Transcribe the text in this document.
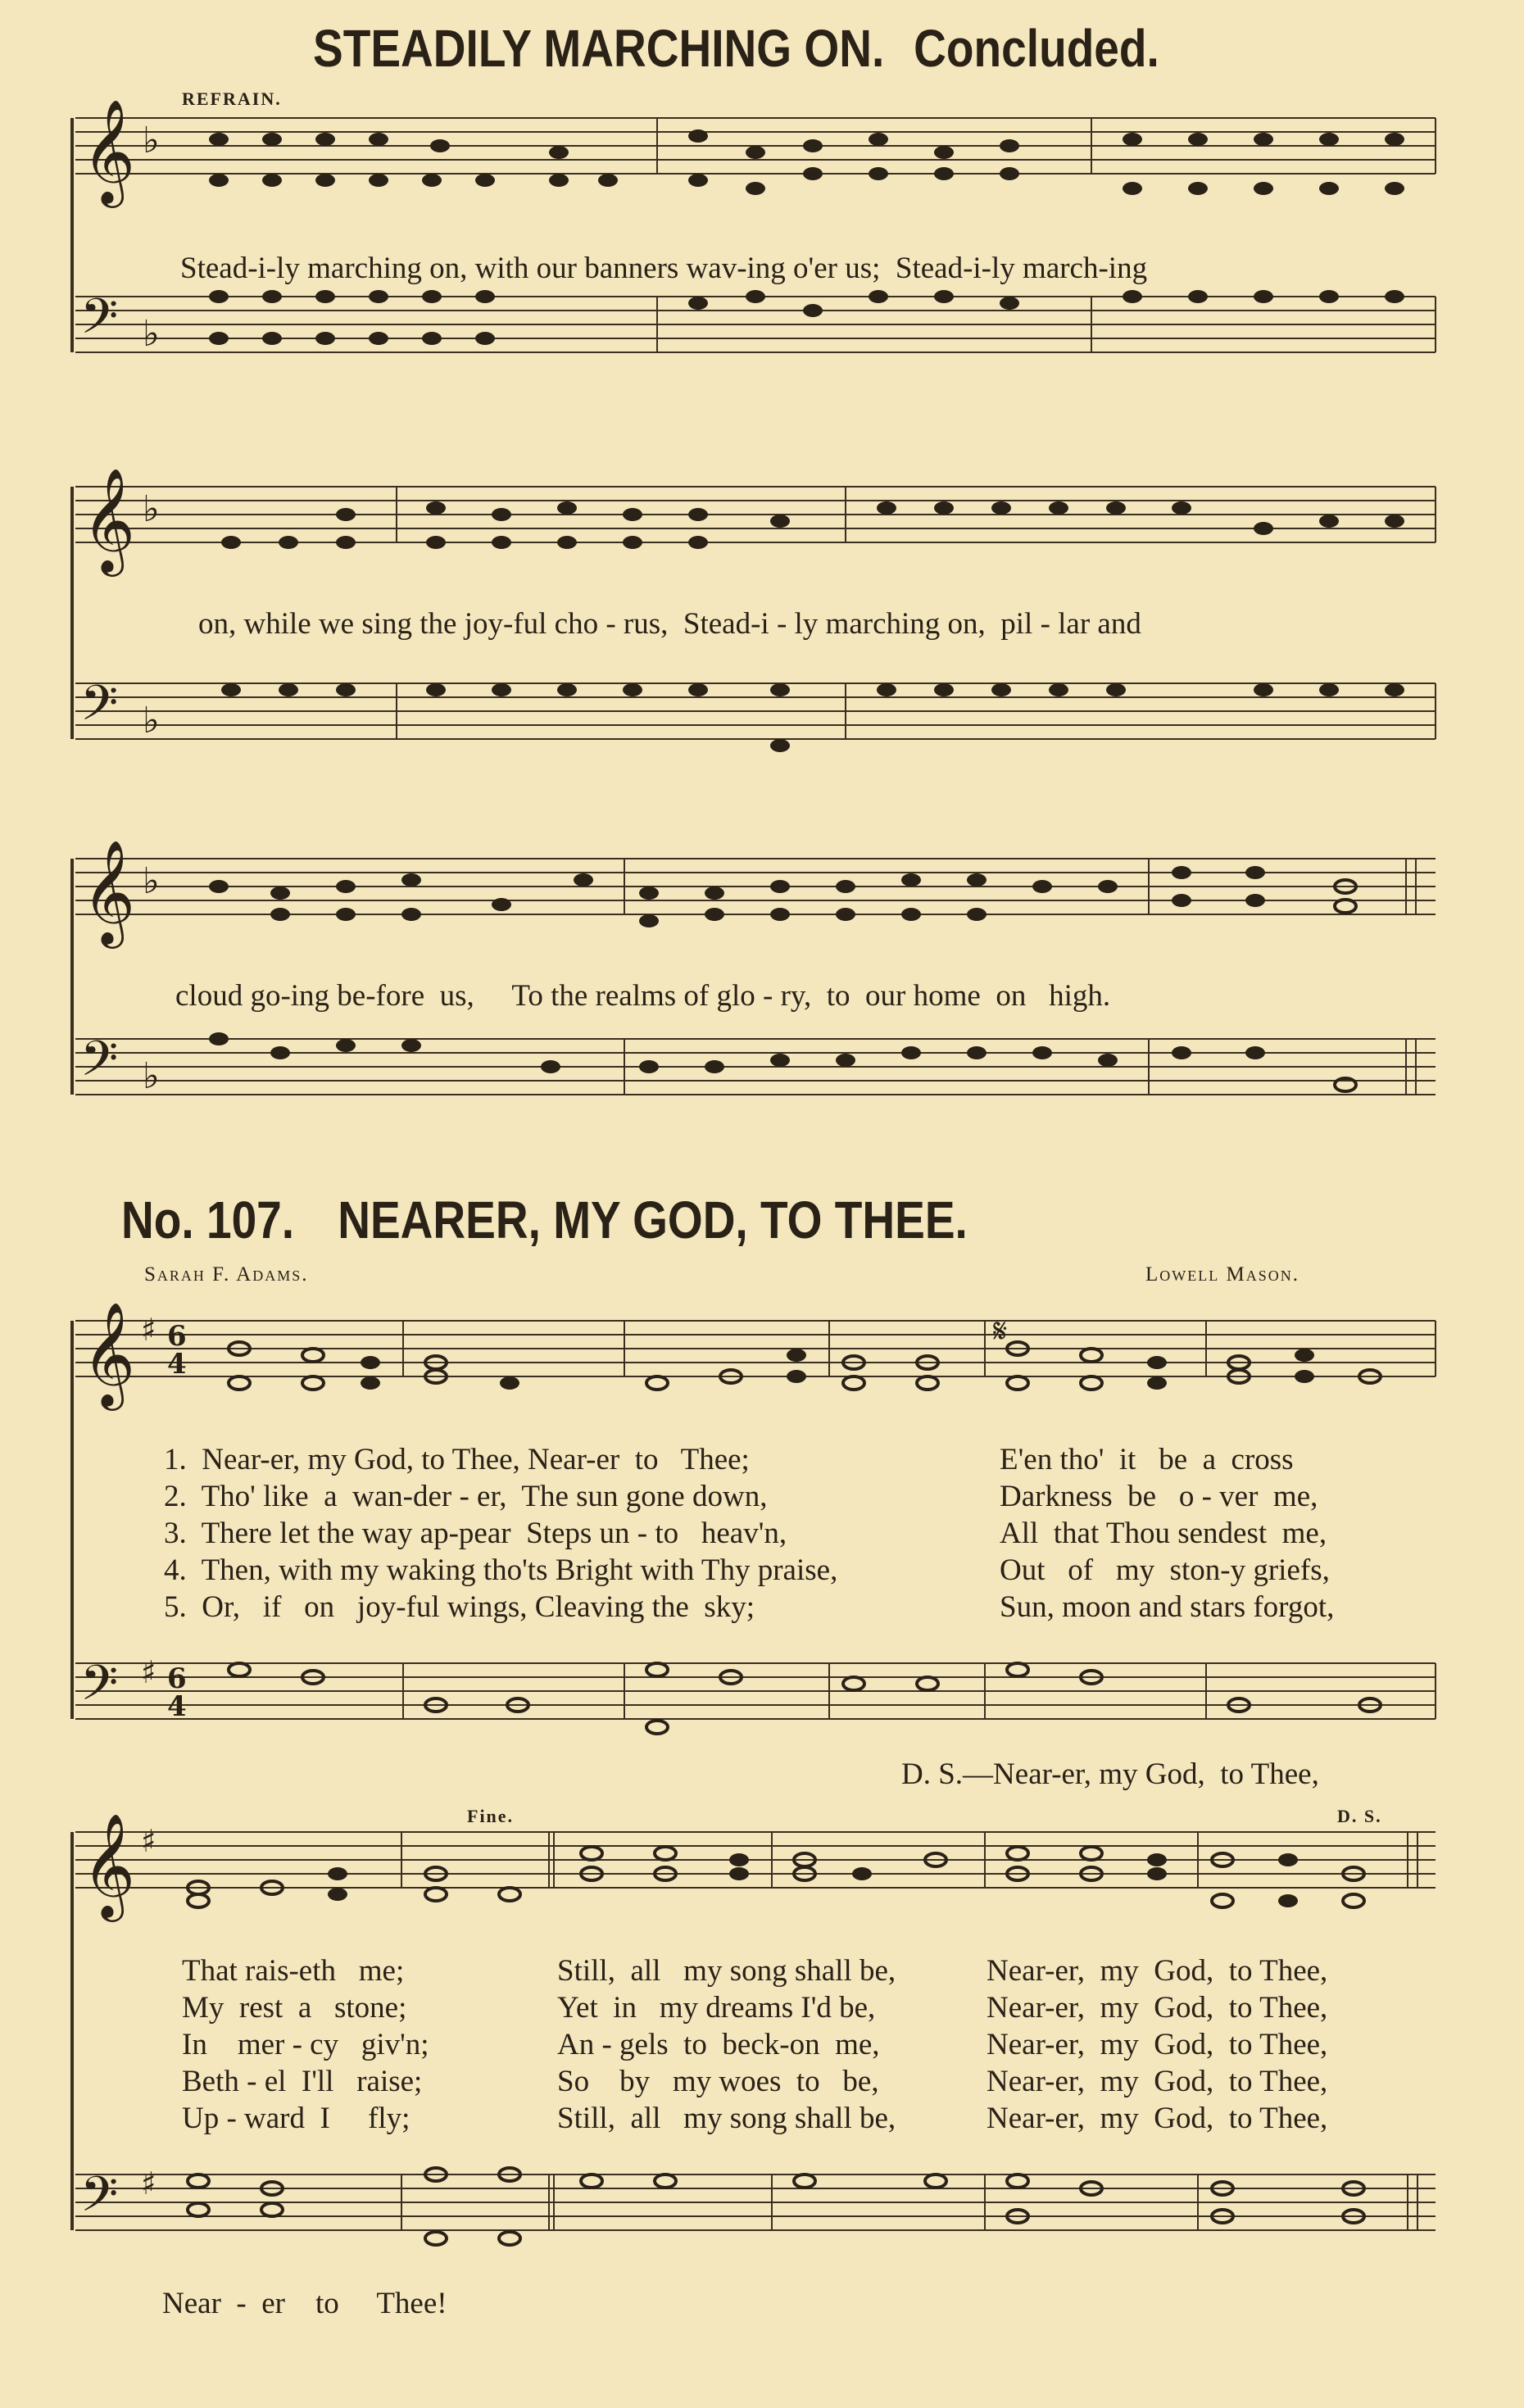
STEADILY MARCHING ON. Concluded.
REFRAIN.
𝄞 ♭
𝄢 ♭
Stead-i-ly marching on, with our banners wav-ing o'er us;  Stead-i-ly march-ing
𝄞 ♭
𝄢 ♭
on, while we sing the joy-ful cho - rus,  Stead-i - ly marching on,  pil - lar and
𝄞 ♭
𝄢 ♭
cloud go-ing be-fore  us,     To the realms of glo - ry,  to  our home  on   high.
No. 107. NEARER, MY GOD, TO THEE.
Sarah F. Adams.	Lowell Mason.
𝄞 ♯ 6
4
𝄋
𝄢 ♯ 6
4
1.  Near-er, my God, to Thee, Near-er  to   Thee;
2.  Tho' like  a  wan-der - er,  The sun gone down,
3.  There let the way ap-pear  Steps un - to   heav'n,
4.  Then, with my waking tho'ts Bright with Thy praise,
5.  Or,   if   on   joy-ful wings, Cleaving the  sky;
E'en tho'  it   be  a  cross
Darkness  be   o - ver  me,
All  that Thou sendest  me,
Out   of   my  ston-y griefs,
Sun, moon and stars forgot,
D. S.—Near-er, my God,  to Thee,
Fine.	D. S.
𝄞 ♯
𝄢 ♯
That rais-eth   me;
My  rest  a   stone;
In    mer - cy   giv'n;
Beth - el  I'll   raise;
Up - ward  I     fly;
Still,  all   my song shall be,
Yet  in   my dreams I'd be,
An - gels  to  beck-on  me,
So    by   my woes  to   be,
Still,  all   my song shall be,
Near-er,  my  God,  to Thee,
Near-er,  my  God,  to Thee,
Near-er,  my  God,  to Thee,
Near-er,  my  God,  to Thee,
Near-er,  my  God,  to Thee,
Near  -  er    to     Thee!
